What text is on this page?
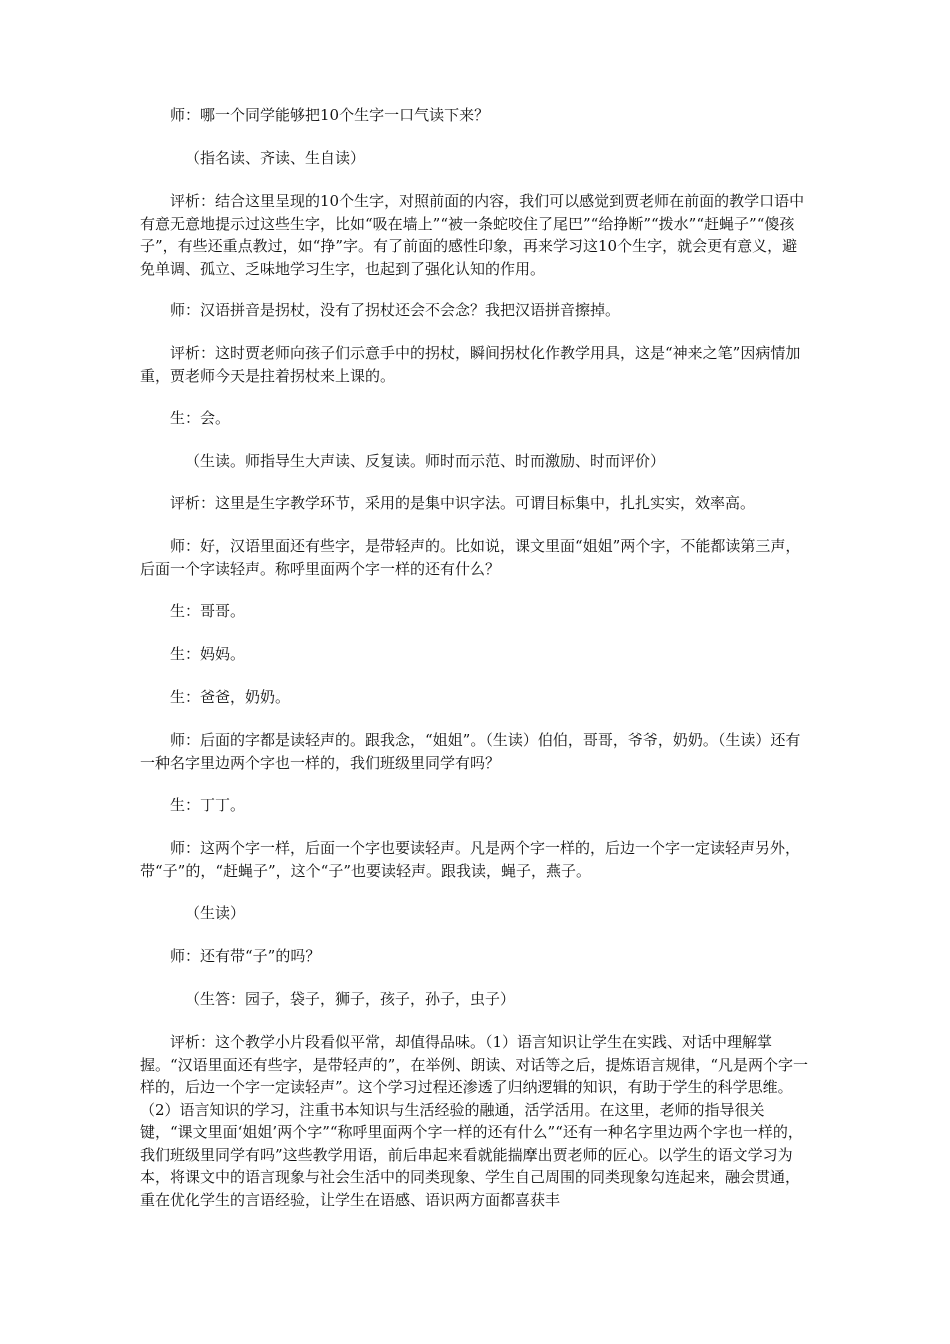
师：哪一个同学能够把10个生字一口气读下来？

（指名读、齐读、生自读）

评析：结合这里呈现的10个生字，对照前面的内容，我们可以感觉到贾老师在前面的教学口语中有意无意地提示过这些生字，比如“吸在墙上”“被一条蛇咬住了尾巴”“给挣断”“拨水”“赶蝇子”“傻孩子”，有些还重点教过，如“挣”字。有了前面的感性印象，再来学习这10个生字，就会更有意义，避免单调、孤立、乏味地学习生字，也起到了强化认知的作用。

师：汉语拼音是拐杖，没有了拐杖还会不会念？我把汉语拼音擦掉。

评析：这时贾老师向孩子们示意手中的拐杖，瞬间拐杖化作教学用具，这是“神来之笔”因病情加重，贾老师今天是拄着拐杖来上课的。

生：会。

（生读。师指导生大声读、反复读。师时而示范、时而激励、时而评价）

评析：这里是生字教学环节，采用的是集中识字法。可谓目标集中，扎扎实实，效率高。

师：好，汉语里面还有些字，是带轻声的。比如说，课文里面“姐姐”两个字，不能都读第三声，后面一个字读轻声。称呼里面两个字一样的还有什么？

生：哥哥。

生：妈妈。

生：爸爸，奶奶。

师：后面的字都是读轻声的。跟我念，“姐姐”。（生读）伯伯，哥哥，爷爷，奶奶。（生读）还有一种名字里边两个字也一样的，我们班级里同学有吗？

生：丁丁。

师：这两个字一样，后面一个字也要读轻声。凡是两个字一样的，后边一个字一定读轻声另外，带“子”的，“赶蝇子”，这个“子”也要读轻声。跟我读，蝇子，燕子。

（生读）

师：还有带“子”的吗？

（生答：园子，袋子，狮子，孩子，孙子，虫子）

评析：这个教学小片段看似平常，却值得品味。（1）语言知识让学生在实践、对话中理解掌握。“汉语里面还有些字，是带轻声的”，在举例、朗读、对话等之后，提炼语言规律，“凡是两个字一样的，后边一个字一定读轻声”。这个学习过程还渗透了归纳逻辑的知识，有助于学生的科学思维。（2）语言知识的学习，注重书本知识与生活经验的融通，活学活用。在这里，老师的指导很关键，“课文里面‘姐姐’两个字”“称呼里面两个字一样的还有什么”“还有一种名字里边两个字也一样的，我们班级里同学有吗”这些教学用语，前后串起来看就能揣摩出贾老师的匠心。以学生的语文学习为本，将课文中的语言现象与社会生活中的同类现象、学生自己周围的同类现象勾连起来，融会贯通，重在优化学生的言语经验，让学生在语感、语识两方面都喜获丰
